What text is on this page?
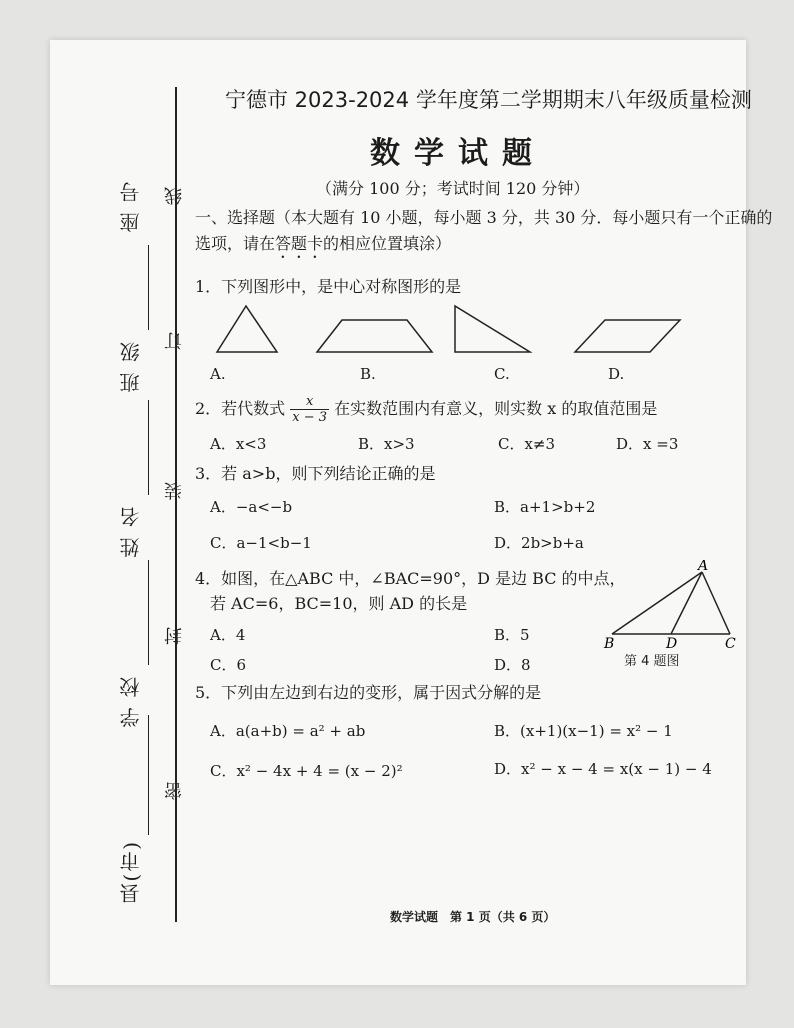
县(市)
学 校
姓 名
班 级
座 号
密
封
装
订
线
宁德市 2023-2024 学年度第二学期期末八年级质量检测
数学试题
（满分 100 分；考试时间 120 分钟）
一、选择题（本大题有 10 小题，每小题 3 分，共 30 分．每小题只有一个正确的
选项，请在答题卡的相应位置填涂）
1．下列图形中，是中心对称图形的是
A.	B.	C.	D.
2．若代数式 $\frac{x}{x - 3}$ 在实数范围内有意义，则实数 x 的取值范围是
A．x<3	B．x>3	C．x≠3	D．x =3
3．若 a>b，则下列结论正确的是
A．−a<−b	B．a+1>b+2
C．a−1<b−1	D．2b>b+a
4．如图，在△ABC 中，∠BAC=90°，D 是边 BC 的中点，
若 AC=6，BC=10，则 AD 的长是
A．4	B．5
C．6	D．8
A
B	D	C
第 4 题图
5．下列由左边到右边的变形，属于因式分解的是
A．a(a+b) = a² + ab	B．(x+1)(x−1) = x² − 1
C．x² − 4x + 4 = (x − 2)²	D．x² − x − 4 = x(x − 1) − 4
数学试题　第 1 页（共 6 页）
